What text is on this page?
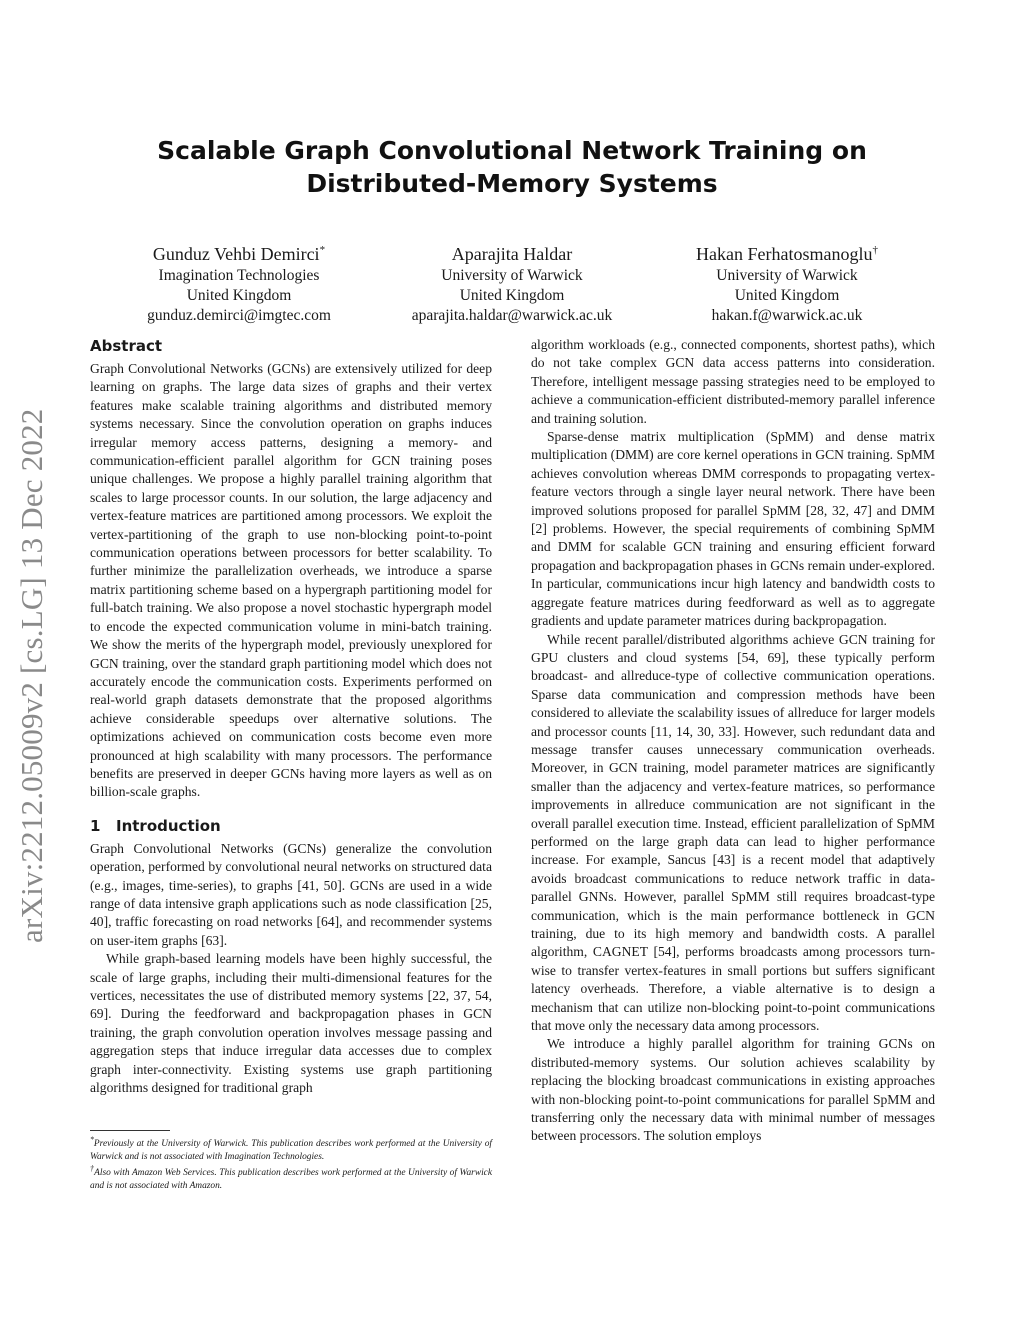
Scalable Graph Convolutional Network Training on
Distributed-Memory Systems
Gunduz Vehbi Demirci*
Imagination Technologies
United Kingdom
gunduz.demirci@imgtec.com
Aparajita Haldar
University of Warwick
United Kingdom
aparajita.haldar@warwick.ac.uk
Hakan Ferhatosmanoglu†
University of Warwick
United Kingdom
hakan.f@warwick.ac.uk
arXiv:2212.05009v2 [cs.LG] 13 Dec 2022
Abstract

Graph Convolutional Networks (GCNs) are extensively utilized for deep learning on graphs. The large data sizes of graphs and their vertex features make scalable training algorithms and distributed memory systems necessary. Since the convolution operation on graphs induces irregular memory access patterns, designing a memory- and communication-efficient parallel algorithm for GCN training poses unique challenges. We propose a highly parallel training algorithm that scales to large processor counts. In our solution, the large adjacency and vertex-feature matrices are partitioned among processors. We exploit the vertex-partitioning of the graph to use non-blocking point-to-point communication operations between processors for better scalability. To further minimize the parallelization overheads, we introduce a sparse matrix partitioning scheme based on a hypergraph partitioning model for full-batch training. We also propose a novel stochastic hypergraph model to encode the expected communication volume in mini-batch training. We show the merits of the hypergraph model, previously unexplored for GCN training, over the standard graph partitioning model which does not accurately encode the communication costs. Experiments performed on real-world graph datasets demonstrate that the proposed algorithms achieve considerable speedups over alternative solutions. The optimizations achieved on communication costs become even more pronounced at high scalability with many processors. The performance benefits are preserved in deeper GCNs having more layers as well as on billion-scale graphs.

1 Introduction

Graph Convolutional Networks (GCNs) generalize the convolution operation, performed by convolutional neural networks on structured data (e.g., images, time-series), to graphs [41, 50]. GCNs are used in a wide range of data intensive graph applications such as node classification [25, 40], traffic forecasting on road networks [64], and recommender systems on user-item graphs [63].

While graph-based learning models have been highly successful, the scale of large graphs, including their multi-dimensional features for the vertices, necessitates the use of distributed memory systems [22, 37, 54, 69]. During the feedforward and backpropagation phases in GCN training, the graph convolution operation involves message passing and aggregation steps that induce irregular data accesses due to complex graph inter-connectivity. Existing systems use graph partitioning algorithms designed for traditional graph

*Previously at the University of Warwick. This publication describes work performed at the University of Warwick and is not associated with Imagination Technologies.

†Also with Amazon Web Services. This publication describes work performed at the University of Warwick and is not associated with Amazon.

algorithm workloads (e.g., connected components, shortest paths), which do not take complex GCN data access patterns into consideration. Therefore, intelligent message passing strategies need to be employed to achieve a communication-efficient distributed-memory parallel inference and training solution.

Sparse-dense matrix multiplication (SpMM) and dense matrix multiplication (DMM) are core kernel operations in GCN training. SpMM achieves convolution whereas DMM corresponds to propagating vertex-feature vectors through a single layer neural network. There have been improved solutions proposed for parallel SpMM [28, 32, 47] and DMM [2] problems. However, the special requirements of combining SpMM and DMM for scalable GCN training and ensuring efficient forward propagation and backpropagation phases in GCNs remain under-explored. In particular, communications incur high latency and bandwidth costs to aggregate feature matrices during feedforward as well as to aggregate gradients and update parameter matrices during backpropagation.

While recent parallel/distributed algorithms achieve GCN training for GPU clusters and cloud systems [54, 69], these typically perform broadcast- and allreduce-type of collective communication operations. Sparse data communication and compression methods have been considered to alleviate the scalability issues of allreduce for larger models and processor counts [11, 14, 30, 33]. However, such redundant data and message transfer causes unnecessary communication overheads. Moreover, in GCN training, model parameter matrices are significantly smaller than the adjacency and vertex-feature matrices, so performance improvements in allreduce communication are not significant in the overall parallel execution time. Instead, efficient parallelization of SpMM performed on the large graph data can lead to higher performance increase. For example, Sancus [43] is a recent model that adaptively avoids broadcast communications to reduce network traffic in data-parallel GNNs. However, parallel SpMM still requires broadcast-type communication, which is the main performance bottleneck in GCN training, due to its high memory and bandwidth costs. A parallel algorithm, CAGNET [54], performs broadcasts among processors turn-wise to transfer vertex-features in small portions but suffers significant latency overheads. Therefore, a viable alternative is to design a mechanism that can utilize non-blocking point-to-point communications that move only the necessary data among processors.

We introduce a highly parallel algorithm for training GCNs on distributed-memory systems. Our solution achieves scalability by replacing the blocking broadcast communications in existing approaches with non-blocking point-to-point communications for parallel SpMM and transferring only the necessary data with minimal number of messages between processors. The solution employs
